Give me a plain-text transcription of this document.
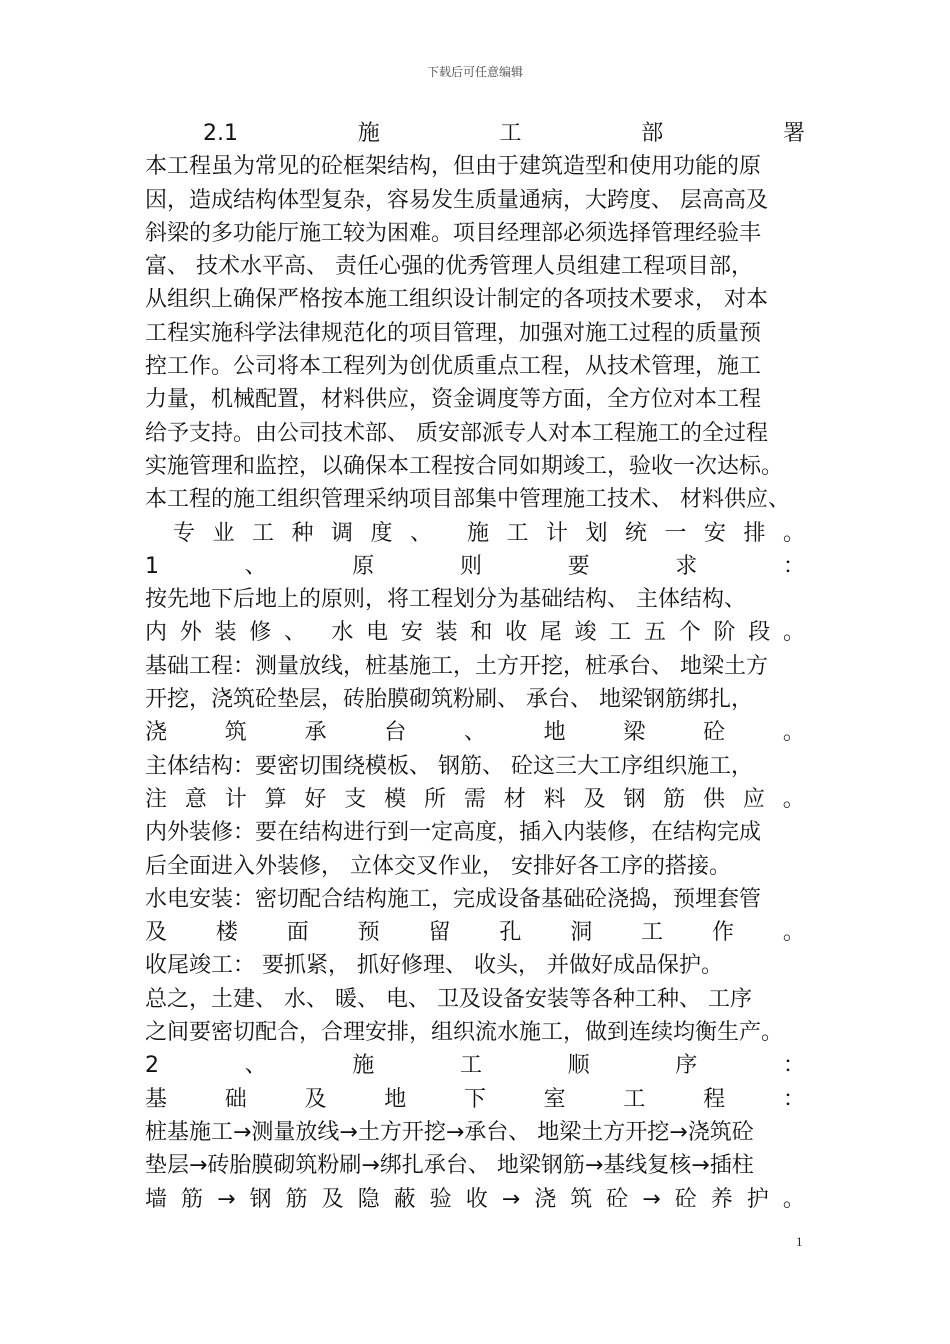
下载后可任意编辑
2.1	施	工	部	署
本工程虽为常见的砼框架结构，但由于建筑造型和使用功能的原
因，造成结构体型复杂，容易发生质量通病，大跨度、 层高高及
斜梁的多功能厅施工较为困难。项目经理部必须选择管理经验丰
富、 技术水平高、 责任心强的优秀管理人员组建工程项目部，
从组织上确保严格按本施工组织设计制定的各项技术要求， 对本
工程实施科学法律规范化的项目管理，加强对施工过程的质量预
控工作。公司将本工程列为创优质重点工程，从技术管理，施工
力量，机械配置，材料供应，资金调度等方面，全方位对本工程
给予支持。由公司技术部、 质安部派专人对本工程施工的全过程
实施管理和监控，以确保本工程按合同如期竣工，验收一次达标。
本工程的施工组织管理采纳项目部集中管理施工技术、 材料供应、
专 业 工 种 调 度 、 施 工 计 划 统 一 安 排 。
1	、	原	则	要	求	：
按先地下后地上的原则，将工程划分为基础结构、 主体结构、
内 外 装 修 、 水 电 安 装 和 收 尾 竣 工 五 个 阶 段 。
基础工程：测量放线，桩基施工，土方开挖，桩承台、 地梁土方
开挖，浇筑砼垫层，砖胎膜砌筑粉刷、 承台、 地梁钢筋绑扎，
浇	筑	承	台	、	地	梁	砼	。
主体结构：要密切围绕模板、 钢筋、 砼这三大工序组织施工，
注 意 计 算 好 支 模 所 需 材 料 及 钢 筋 供 应 。
内外装修：要在结构进行到一定高度，插入内装修，在结构完成
后全面进入外装修， 立体交叉作业， 安排好各工序的搭接。
水电安装：密切配合结构施工，完成设备基础砼浇捣，预埋套管
及 楼 面 预 留 孔 洞 工 作 。
收尾竣工： 要抓紧， 抓好修理、 收头， 并做好成品保护。
总之，土建、 水、 暖、 电、 卫及设备安装等各种工种、 工序
之间要密切配合，合理安排，组织流水施工，做到连续均衡生产。
2	、	施	工	顺	序	：
基	础	及	地	下	室	工	程	：
桩基施工→测量放线→土方开挖→承台、 地梁土方开挖→浇筑砼
垫层→砖胎膜砌筑粉刷→绑扎承台、 地梁钢筋→基线复核→插柱
墙 筋 → 钢 筋 及 隐 蔽 验 收 → 浇 筑 砼 → 砼 养 护 。
1
